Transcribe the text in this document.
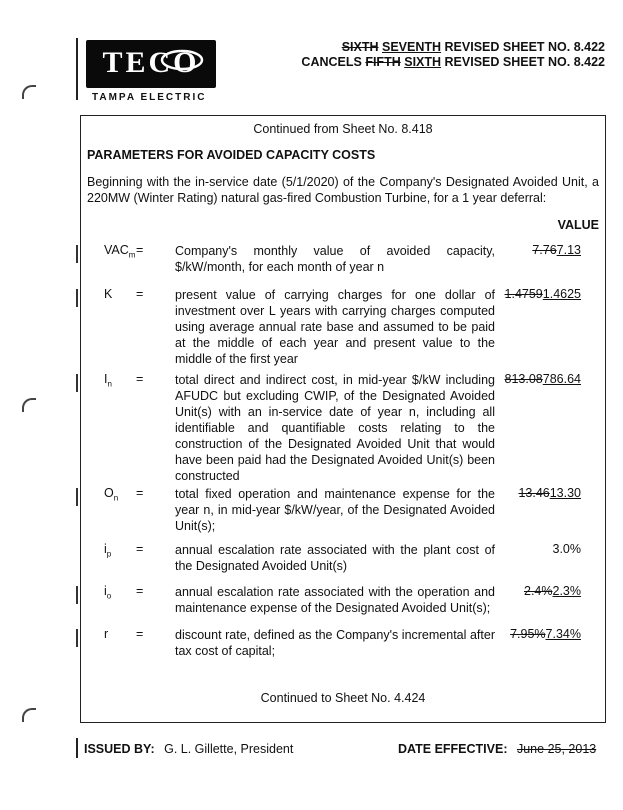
TECO
TAMPA ELECTRIC
SIXTH SEVENTH REVISED SHEET NO. 8.422
CANCELS FIFTH SIXTH REVISED SHEET NO. 8.422
Continued from Sheet No. 8.418
PARAMETERS FOR AVOIDED CAPACITY COSTS
Beginning with the in-service date (5/1/2020) of the Company's Designated Avoided Unit, a 220MW (Winter Rating) natural gas-fired Combustion Turbine, for a 1 year deferral:
VALUE
$VAC_m$ =	Company's monthly value of avoided capacity, $/kW/month, for each month of year n
7.767.13
K =	present value of carrying charges for one dollar of investment over L years with carrying charges computed using average annual rate base and assumed to be paid at the middle of each year and present value to the middle of the first year
1.47591.4625
$I_n$ =	total direct and indirect cost, in mid-year $/kW including AFUDC but excluding CWIP, of the Designated Avoided Unit(s) with an in-service date of year n, including all identifiable and quantifiable costs relating to the construction of the Designated Avoided Unit that would have been paid had the Designated Avoided Unit(s) been constructed
813.08786.64
$O_n$ =	total fixed operation and maintenance expense for the year n, in mid-year $/kW/year, of the Designated Avoided Unit(s);
13.4613.30
$i_p$ =	annual escalation rate associated with the plant cost of the Designated Avoided Unit(s)
3.0%
$i_o$ =	annual escalation rate associated with the operation and maintenance expense of the Designated Avoided Unit(s);
2.4%2.3%
r =	discount rate, defined as the Company's incremental after tax cost of capital;
7.95%7.34%
Continued to Sheet No. 4.424
ISSUED BY: G. L. Gillette, President	DATE EFFECTIVE: June 25, 2013
